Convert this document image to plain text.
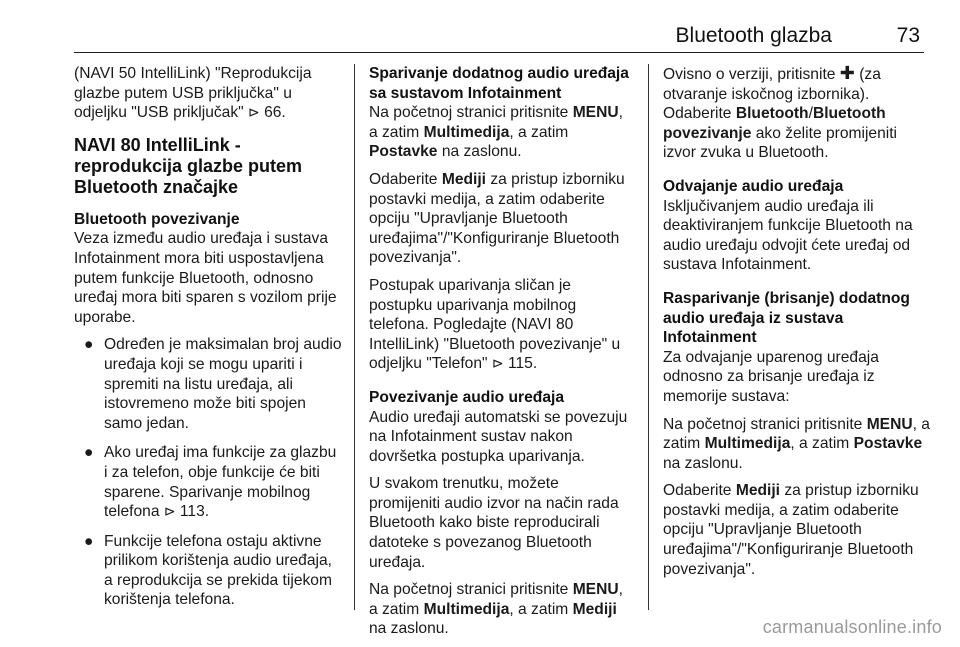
Bluetooth glazba	73

(NAVI 50 IntelliLink) "Reprodukcija glazbe putem USB priključka" u odjeljku "USB priključak" ⊳ 66.

NAVI 80 IntelliLink - reprodukcija glazbe putem Bluetooth značajke
Bluetooth povezivanje

Veza između audio uređaja i sustava Infotainment mora biti uspostavljena putem funkcije Bluetooth, odnosno uređaj mora biti sparen s vozilom prije uporabe.

● Određen je maksimalan broj audio uređaja koji se mogu upariti i spremiti na listu uređaja, ali istovremeno može biti spojen samo jedan.
● Ako uređaj ima funkcije za glazbu i za telefon, obje funkcije će biti sparene. Sparivanje mobilnog telefona ⊳ 113.
● Funkcije telefona ostaju aktivne prilikom korištenja audio uređaja, a reprodukcija se prekida tijekom korištenja telefona.
Sparivanje dodatnog audio uređaja sa sustavom Infotainment

Na početnoj stranici pritisnite MENU, a zatim Multimedija, a zatim Postavke na zaslonu.

Odaberite Mediji za pristup izborniku postavki medija, a zatim odaberite opciju "Upravljanje Bluetooth uređajima"/"Konfiguriranje Bluetooth povezivanja".

Postupak uparivanja sličan je postupku uparivanja mobilnog telefona. Pogledajte (NAVI 80 IntelliLink) "Bluetooth povezivanje" u odjeljku "Telefon" ⊳ 115.

Povezivanje audio uređaja

Audio uređaji automatski se povezuju na Infotainment sustav nakon dovršetka postupka uparivanja.

U svakom trenutku, možete promijeniti audio izvor na način rada Bluetooth kako biste reproducirali datoteke s povezanog Bluetooth uređaja.

Na početnoj stranici pritisnite MENU, a zatim Multimedija, a zatim Mediji na zaslonu.

Ovisno o verziji, pritisnite ✚ (za otvaranje iskočnog izbornika). Odaberite Bluetooth/Bluetooth povezivanje ako želite promijeniti izvor zvuka u Bluetooth.

Odvajanje audio uređaja

Isključivanjem audio uređaja ili deaktiviranjem funkcije Bluetooth na audio uređaju odvojit ćete uređaj od sustava Infotainment.

Rasparivanje (brisanje) dodatnog audio uređaja iz sustava Infotainment

Za odvajanje uparenog uređaja odnosno za brisanje uređaja iz memorije sustava:

Na početnoj stranici pritisnite MENU, a zatim Multimedija, a zatim Postavke na zaslonu.

Odaberite Mediji za pristup izborniku postavki medija, a zatim odaberite opciju "Upravljanje Bluetooth uređajima"/"Konfiguriranje Bluetooth povezivanja".

carmanualsonline.info
